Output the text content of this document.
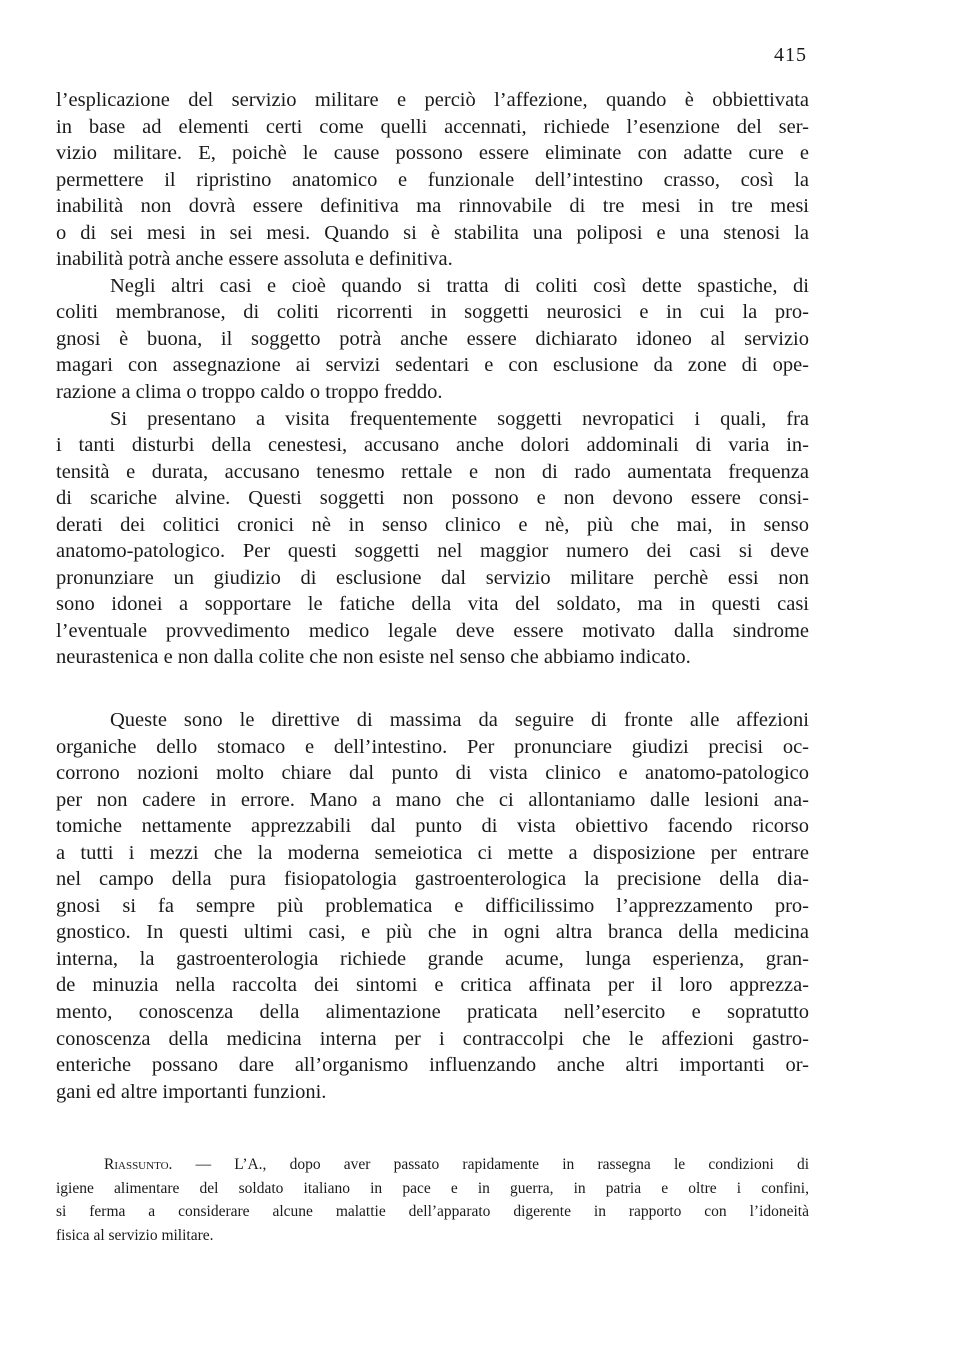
415
l’esplicazione del servizio militare e perciò l’affezione, quando è obbiettivata
in base ad elementi certi come quelli accennati, richiede l’esenzione del ser-
vizio militare. E, poichè le cause possono essere eliminate con adatte cure e
permettere il ripristino anatomico e funzionale dell’intestino crasso, così la
inabilità non dovrà essere definitiva ma rinnovabile di tre mesi in tre mesi
o di sei mesi in sei mesi. Quando si è stabilita una poliposi e una stenosi la
inabilità potrà anche essere assoluta e definitiva.
Negli altri casi e cioè quando si tratta di coliti così dette spastiche, di
coliti membranose, di coliti ricorrenti in soggetti neurosici e in cui la pro-
gnosi è buona, il soggetto potrà anche essere dichiarato idoneo al servizio
magari con assegnazione ai servizi sedentari e con esclusione da zone di ope-
razione a clima o troppo caldo o troppo freddo.
Si presentano a visita frequentemente soggetti nevropatici i quali, fra
i tanti disturbi della cenestesi, accusano anche dolori addominali di varia in-
tensità e durata, accusano tenesmo rettale e non di rado aumentata frequenza
di scariche alvine. Questi soggetti non possono e non devono essere consi-
derati dei colitici cronici nè in senso clinico e nè, più che mai, in senso
anatomo-patologico. Per questi soggetti nel maggior numero dei casi si deve
pronunziare un giudizio di esclusione dal servizio militare perchè essi non
sono idonei a sopportare le fatiche della vita del soldato, ma in questi casi
l’eventuale provvedimento medico legale deve essere motivato dalla sindrome
neurastenica e non dalla colite che non esiste nel senso che abbiamo indicato.
Queste sono le direttive di massima da seguire di fronte alle affezioni
organiche dello stomaco e dell’intestino. Per pronunciare giudizi precisi oc-
corrono nozioni molto chiare dal punto di vista clinico e anatomo-patologico
per non cadere in errore. Mano a mano che ci allontaniamo dalle lesioni ana-
tomiche nettamente apprezzabili dal punto di vista obiettivo facendo ricorso
a tutti i mezzi che la moderna semeiotica ci mette a disposizione per entrare
nel campo della pura fisiopatologia gastroenterologica la precisione della dia-
gnosi si fa sempre più problematica e difficilissimo l’apprezzamento pro-
gnostico. In questi ultimi casi, e più che in ogni altra branca della medicina
interna, la gastroenterologia richiede grande acume, lunga esperienza, gran-
de minuzia nella raccolta dei sintomi e critica affinata per il loro apprezza-
mento, conoscenza della alimentazione praticata nell’esercito e sopratutto
conoscenza della medicina interna per i contraccolpi che le affezioni gastro-
enteriche possano dare all’organismo influenzando anche altri importanti or-
gani ed altre importanti funzioni.
Riassunto. — L’A., dopo aver passato rapidamente in rassegna le condizioni di
igiene alimentare del soldato italiano in pace e in guerra, in patria e oltre i confini,
si ferma a considerare alcune malattie dell’apparato digerente in rapporto con l’idoneità
fisica al servizio militare.
